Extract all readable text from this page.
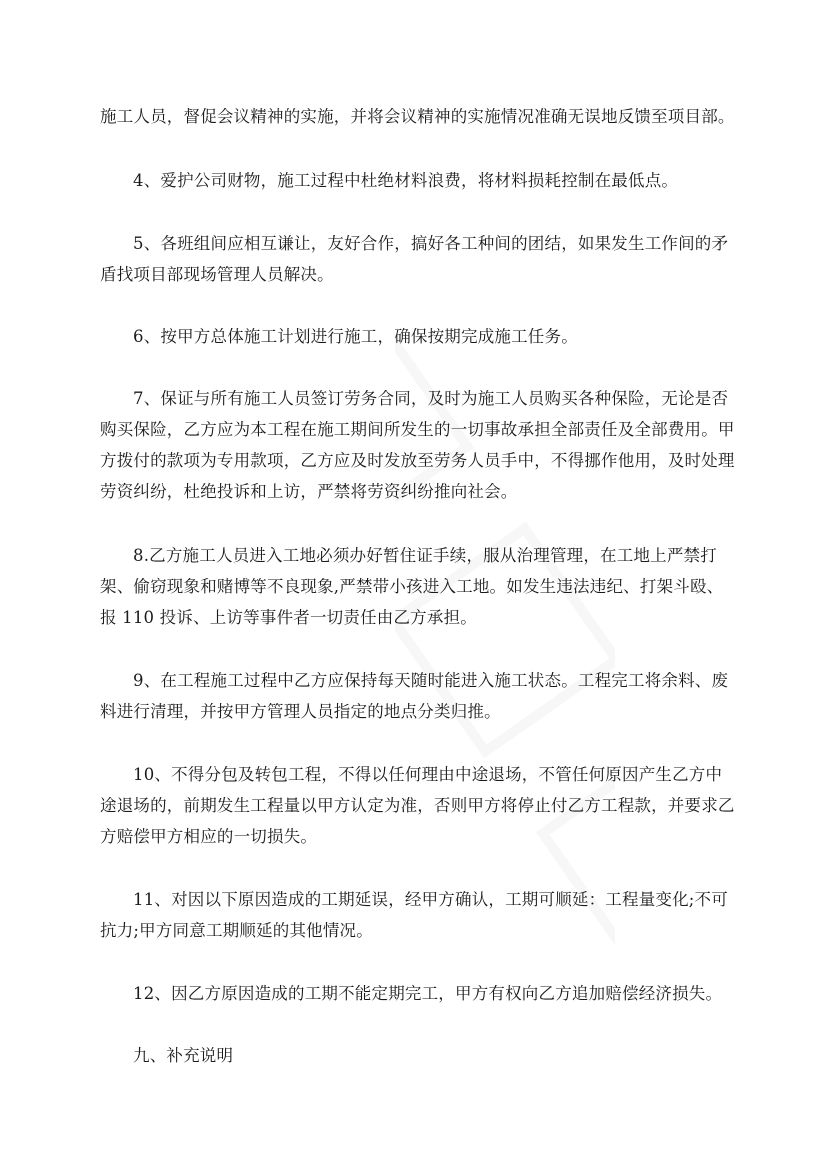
施工人员，督促会议精神的实施，并将会议精神的实施情况准确无误地反馈至项目部。

4、爱护公司财物，施工过程中杜绝材料浪费，将材料损耗控制在最低点。

5、各班组间应相互谦让，友好合作，搞好各工种间的团结，如果发生工作间的矛盾找项目部现场管理人员解决。

6、按甲方总体施工计划进行施工，确保按期完成施工任务。

7、保证与所有施工人员签订劳务合同，及时为施工人员购买各种保险，无论是否购买保险，乙方应为本工程在施工期间所发生的一切事故承担全部责任及全部费用。甲方拨付的款项为专用款项，乙方应及时发放至劳务人员手中，不得挪作他用，及时处理劳资纠纷，杜绝投诉和上访，严禁将劳资纠纷推向社会。

8.乙方施工人员进入工地必须办好暂住证手续，服从治理管理，在工地上严禁打架、偷窃现象和赌博等不良现象,严禁带小孩进入工地。如发生违法违纪、打架斗殴、报 110 投诉、上访等事件者一切责任由乙方承担。

9、在工程施工过程中乙方应保持每天随时能进入施工状态。工程完工将余料、废料进行清理，并按甲方管理人员指定的地点分类归推。

10、不得分包及转包工程，不得以任何理由中途退场，不管任何原因产生乙方中途退场的，前期发生工程量以甲方认定为准，否则甲方将停止付乙方工程款，并要求乙方赔偿甲方相应的一切损失。

11、对因以下原因造成的工期延误，经甲方确认，工期可顺延：工程量变化;不可抗力;甲方同意工期顺延的其他情况。

12、因乙方原因造成的工期不能定期完工，甲方有权向乙方追加赔偿经济损失。

九、补充说明
